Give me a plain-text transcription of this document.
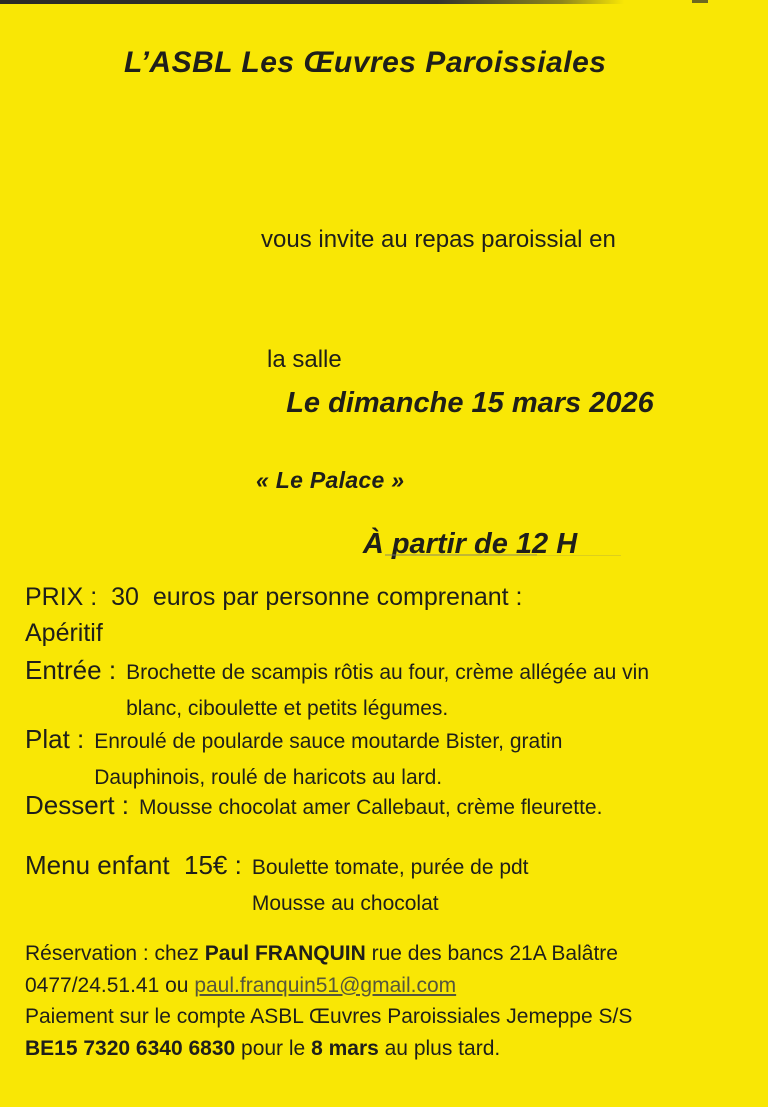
L’ASBL Les Œuvres Paroissiales

vous invite au repas paroissial en

la salle

« Le Palace »

Le dimanche 15 mars 2026

À partir de 12 H

PRIX :  30  euros par personne comprenant :
Apéritif
Entrée : Brochette de scampis rôtis au four, crème allégée au vin
blanc, ciboulette et petits légumes.
Plat : Enroulé de poularde sauce moutarde Bister, gratin
Dauphinois, roulé de haricots au lard.
Dessert : Mousse chocolat amer Callebaut, crème fleurette.
Menu enfant  15€ : Boulette tomate, purée de pdt
Mousse au chocolat
Réservation : chez Paul FRANQUIN rue des bancs 21A Balâtre
0477/24.51.41 ou paul.franquin51@gmail.com
Paiement sur le compte ASBL Œuvres Paroissiales Jemeppe S/S
BE15 7320 6340 6830 pour le 8 mars au plus tard.
